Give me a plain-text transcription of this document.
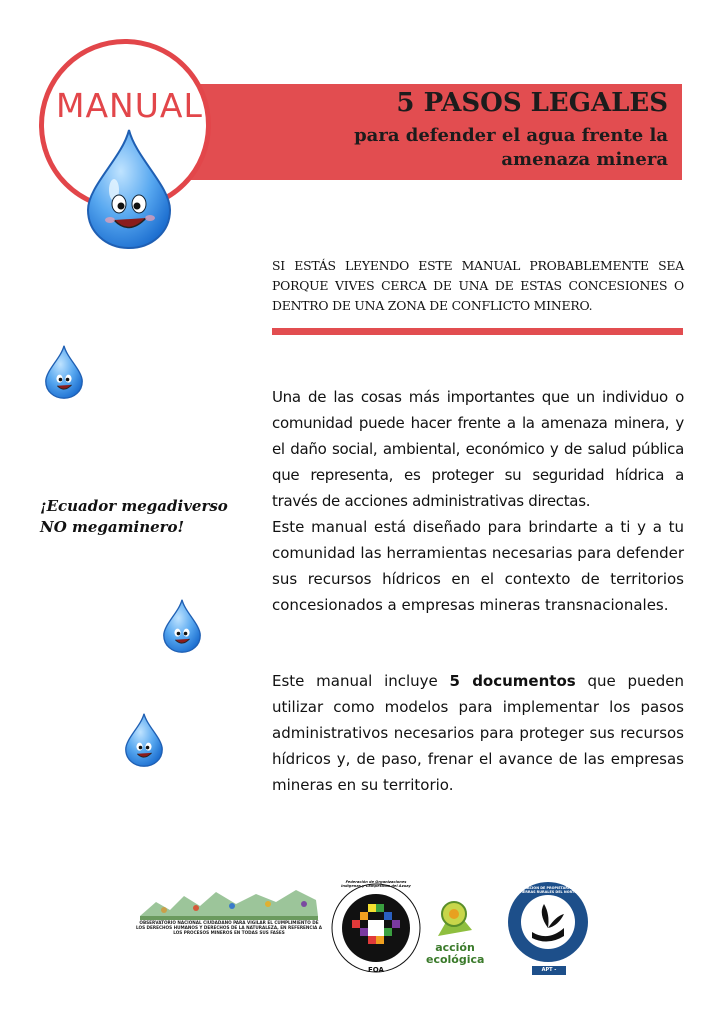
MANUAL	5 PASOS LEGALES
para defender el agua frente la amenaza minera
SI ESTÁS LEYENDO ESTE MANUAL PROBABLEMENTE SEA PORQUE VIVES CERCA DE UNA DE ESTAS CONCESIONES O DENTRO DE UNA ZONA DE CONFLICTO MINERO.
¡Ecuador megadiverso
NO megaminero!
Una de las cosas más importantes que un individuo o comunidad puede hacer frente a la amenaza minera, y el daño social, ambiental, económico y de salud pública que representa, es proteger su seguridad hídrica a través de acciones administrativas directas.
Este manual está diseñado para brindarte a ti y a tu comunidad las herramientas necesarias para defender sus recursos hídricos en el contexto de territorios concesionados a empresas mineras transnacionales.
Este manual incluye 5 documentos que pueden utilizar como modelos para implementar los pasos administrativos necesarios para proteger sus recursos hídricos y, de paso, frenar el avance de las empresas mineras en su territorio.
OBSERVATORIO NACIONAL CIUDADANO PARA VIGILAR EL CUMPLIMIENTO DE LOS DERECHOS HUMANOS Y DERECHOS DE LA NATURALEZA, EN REFERENCIA A LOS PROCESOS MINEROS EN TODAS SUS FASES
Federación de Organizaciones Indígenas y Campesinas del Azuay
FOA
acción
ecológica
ASOCIACION DE PROPIETARIOS DE TIERRAS RURALES DEL NORTE
APT - NORTE
